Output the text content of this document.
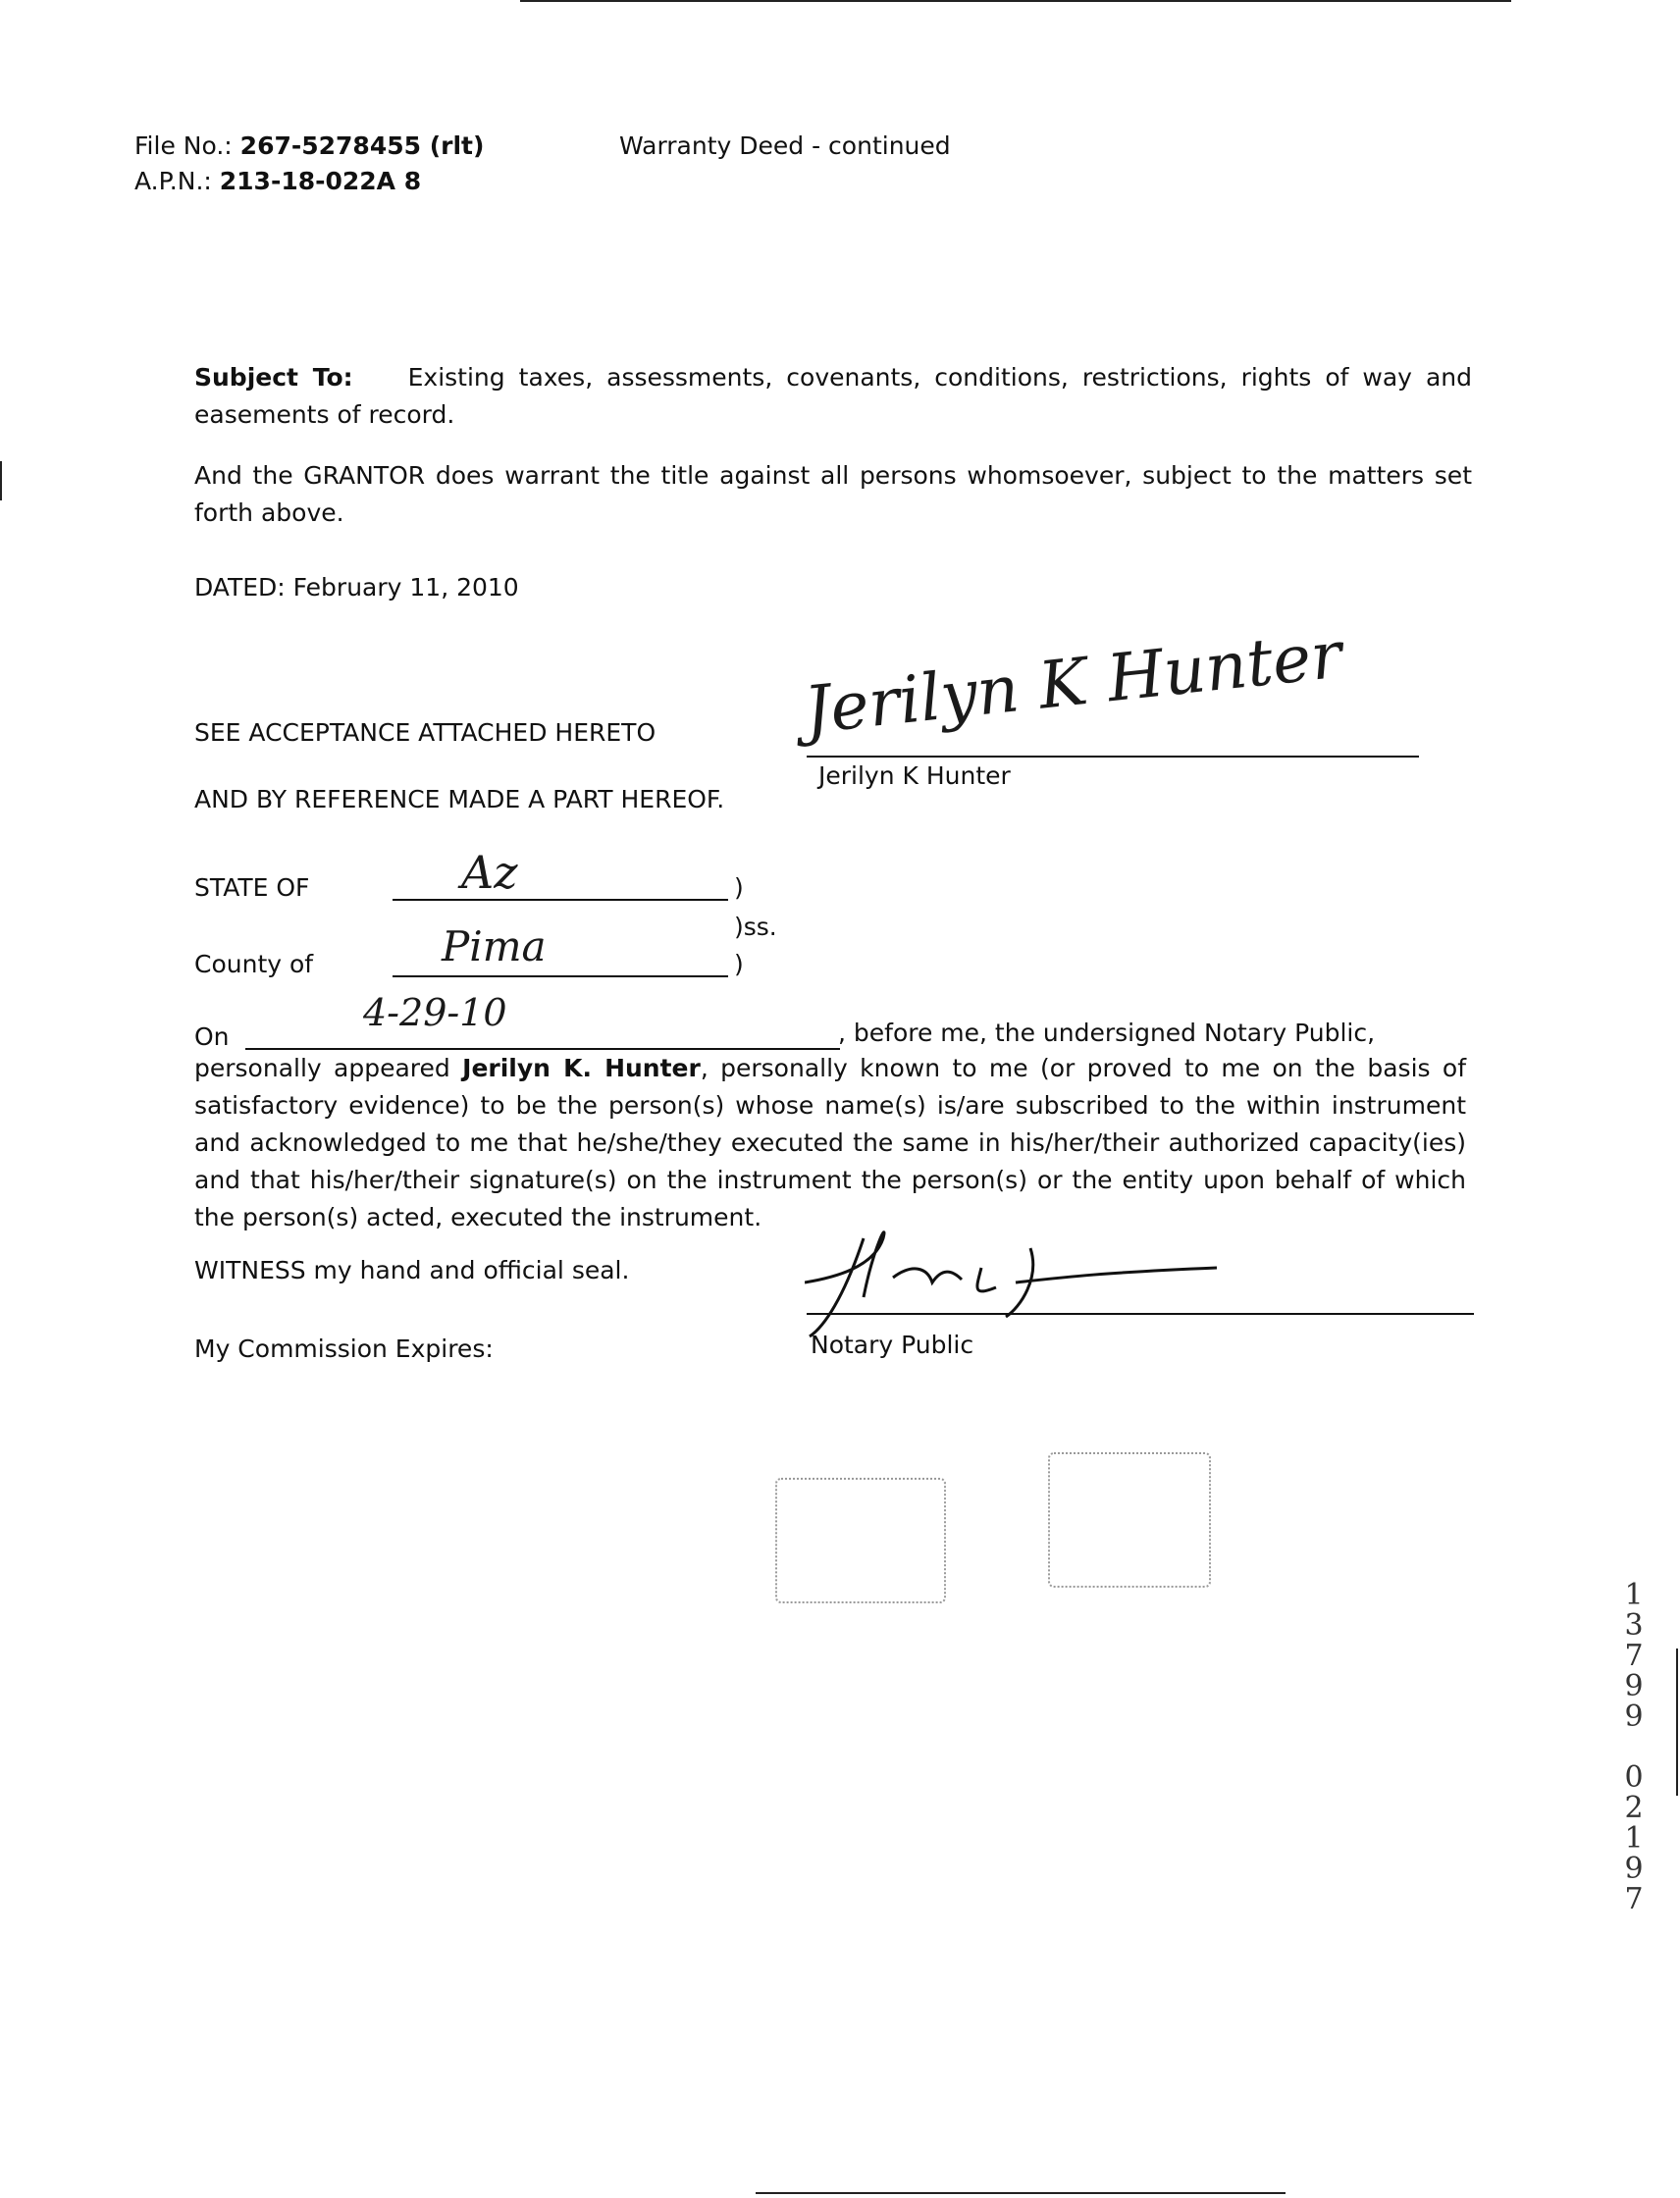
File No.: 267-5278455 (rlt)
A.P.N.: 213-18-022A 8
Warranty Deed - continued
Subject To: Existing taxes, assessments, covenants, conditions, restrictions, rights of way and easements of record.
And the GRANTOR does warrant the title against all persons whomsoever, subject to the matters set forth above.
DATED: February 11, 2010
SEE ACCEPTANCE ATTACHED HERETO
AND BY REFERENCE MADE A PART HEREOF.
Jerilyn K Hunter
Jerilyn K Hunter
STATE OF	Az	)
)ss.
County of	Pima	)
On
4-29-10	, before me, the undersigned Notary Public,
personally appeared Jerilyn K. Hunter, personally known to me (or proved to me on the basis of satisfactory evidence) to be the person(s) whose name(s) is/are subscribed to the within instrument and acknowledged to me that he/she/they executed the same in his/her/their authorized capacity(ies) and that his/her/their signature(s) on the instrument the person(s) or the entity upon behalf of which the person(s) acted, executed the instrument.
WITNESS my hand and official seal.
Notary Public
My Commission Expires:
1
3
7
9
9
0
2
1
9
7
